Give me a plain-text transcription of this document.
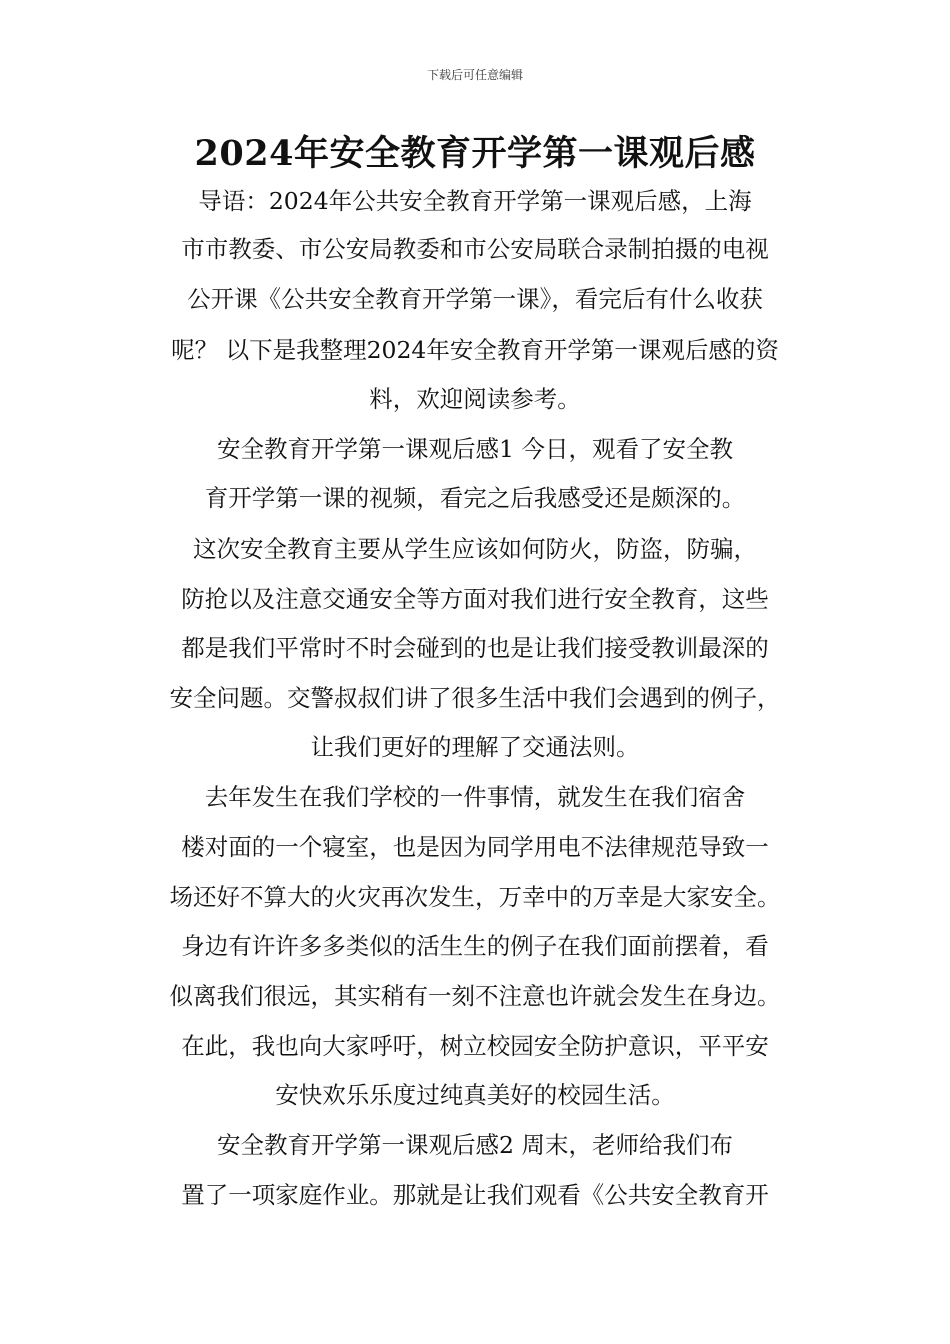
下载后可任意编辑
2024年安全教育开学第一课观后感
导语：2024年公共安全教育开学第一课观后感，上海
市市教委、市公安局教委和市公安局联合录制拍摄的电视
公开课《公共安全教育开学第一课》，看完后有什么收获
呢？ 以下是我整理2024年安全教育开学第一课观后感的资
料，欢迎阅读参考。
安全教育开学第一课观后感1 今日，观看了安全教
育开学第一课的视频，看完之后我感受还是颇深的。
这次安全教育主要从学生应该如何防火，防盗，防骗，
防抢以及注意交通安全等方面对我们进行安全教育，这些
都是我们平常时不时会碰到的也是让我们接受教训最深的
安全问题。交警叔叔们讲了很多生活中我们会遇到的例子，
让我们更好的理解了交通法则。
去年发生在我们学校的一件事情，就发生在我们宿舍
楼对面的一个寝室，也是因为同学用电不法律规范导致一
场还好不算大的火灾再次发生，万幸中的万幸是大家安全。
身边有许许多多类似的活生生的例子在我们面前摆着，看
似离我们很远，其实稍有一刻不注意也许就会发生在身边。
在此，我也向大家呼吁，树立校园安全防护意识，平平安
安快欢乐乐度过纯真美好的校园生活。
安全教育开学第一课观后感2 周末，老师给我们布
置了一项家庭作业。那就是让我们观看《公共安全教育开
